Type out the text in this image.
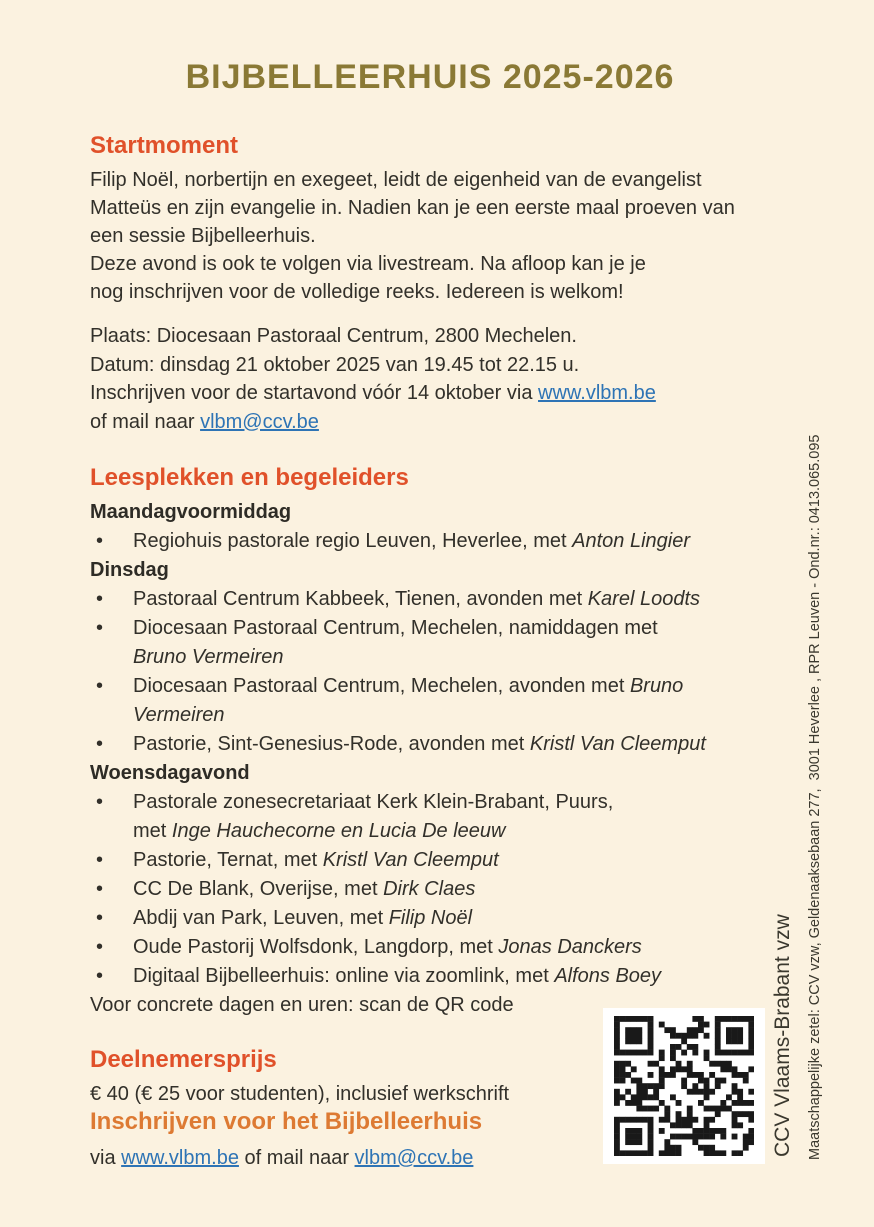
BIJBELLEERHUIS 2025-2026
Startmoment
Filip Noël, norbertijn en exegeet, leidt de eigenheid van de evangelist
Matteüs en zijn evangelie in. Nadien kan je een eerste maal proeven van
een sessie Bijbelleerhuis.
Deze avond is ook te volgen via livestream. Na afloop kan je je
nog inschrijven voor de volledige reeks. Iedereen is welkom!
Plaats: Diocesaan Pastoraal Centrum, 2800 Mechelen.
Datum: dinsdag 21 oktober 2025 van 19.45 tot 22.15 u.
Inschrijven voor de startavond vóór 14 oktober via www.vlbm.be
of mail naar vlbm@ccv.be
Leesplekken en begeleiders
Maandagvoormiddag
•	Regiohuis pastorale regio Leuven, Heverlee, met Anton Lingier
Dinsdag
•	Pastoraal Centrum Kabbeek, Tienen, avonden met Karel Loodts
•	Diocesaan Pastoraal Centrum, Mechelen, namiddagen met
Bruno Vermeiren
•	Diocesaan Pastoraal Centrum, Mechelen, avonden met Bruno
Vermeiren
•	Pastorie, Sint-Genesius-Rode, avonden met Kristl Van Cleemput
Woensdagavond
•	Pastorale zonesecretariaat Kerk Klein-Brabant, Puurs,
met Inge Hauchecorne en Lucia De leeuw
•	Pastorie, Ternat, met Kristl Van Cleemput
•	CC De Blank, Overijse, met Dirk Claes
•	Abdij van Park, Leuven, met Filip Noël
•	Oude Pastorij Wolfsdonk, Langdorp, met Jonas Danckers
•	Digitaal Bijbelleerhuis: online via zoomlink, met Alfons Boey
Voor concrete dagen en uren: scan de QR code
Deelnemersprijs
€ 40 (€ 25 voor studenten), inclusief werkschrift
Inschrijven voor het Bijbelleerhuis
via www.vlbm.be of mail naar vlbm@ccv.be
CCV Vlaams-Brabant vzw Maatschappelijke zetel: CCV vzw, Geldenaaksebaan 277,  3001 Heverlee , RPR Leuven - Ond.nr.: 0413.065.095
